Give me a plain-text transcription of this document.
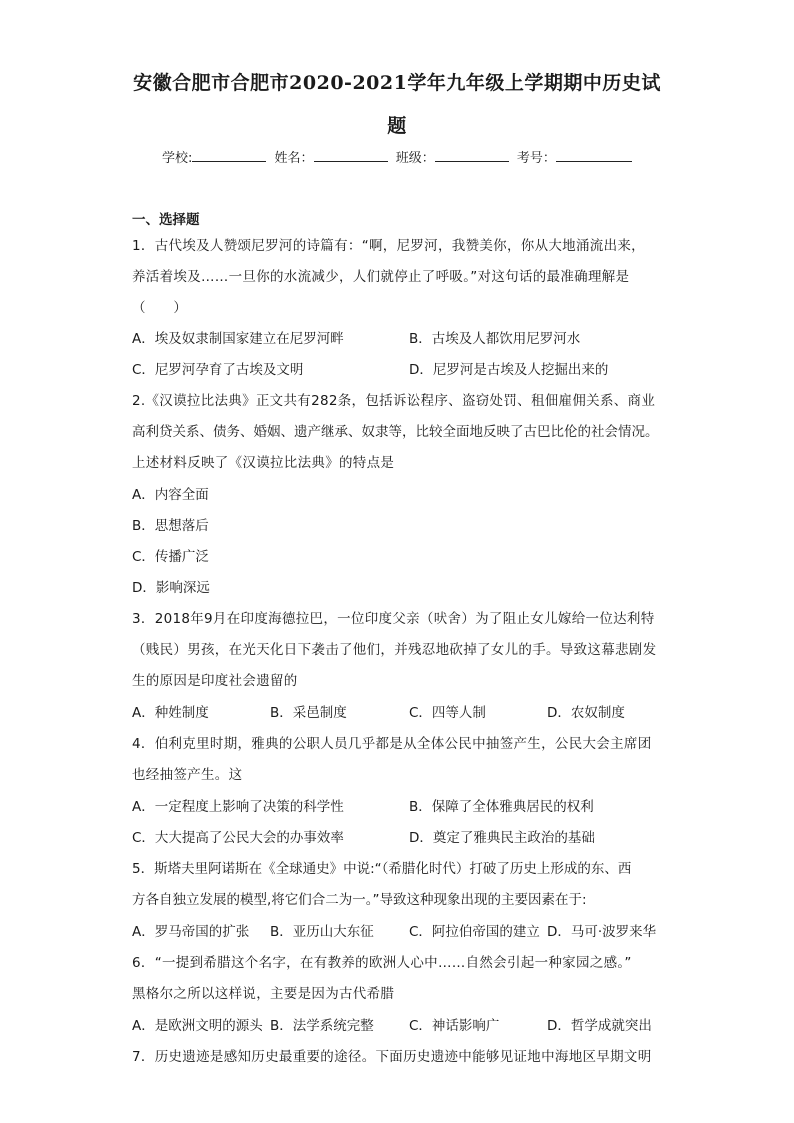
安徽合肥市合肥市2020-2021学年九年级上学期期中历史试
题
学校:	姓名：	班级：	考号：
一、选择题
1．古代埃及人赞颂尼罗河的诗篇有：“啊，尼罗河，我赞美你，你从大地涌流出来，
养活着埃及……一旦你的水流减少，人们就停止了呼吸。”对这句话的最准确理解是
（　　）
A．埃及奴隶制国家建立在尼罗河畔	B．古埃及人都饮用尼罗河水
C．尼罗河孕育了古埃及文明	D．尼罗河是古埃及人挖掘出来的
2.《汉谟拉比法典》正文共有282条，包括诉讼程序、盗窃处罚、租佃雇佣关系、商业
高利贷关系、债务、婚姻、遗产继承、奴隶等，比较全面地反映了古巴比伦的社会情况。
上述材料反映了《汉谟拉比法典》的特点是
A．内容全面
B．思想落后
C．传播广泛
D．影响深远
3．2018年9月在印度海德拉巴，一位印度父亲（吠舍）为了阻止女儿嫁给一位达利特
（贱民）男孩，在光天化日下袭击了他们，并残忍地砍掉了女儿的手。导致这幕悲剧发
生的原因是印度社会遗留的
A．种姓制度	B．采邑制度	C．四等人制	D．农奴制度
4．伯利克里时期，雅典的公职人员几乎都是从全体公民中抽签产生，公民大会主席团
也经抽签产生。这
A．一定程度上影响了决策的科学性	B．保障了全体雅典居民的权利
C．大大提高了公民大会的办事效率	D．奠定了雅典民主政治的基础
5．斯塔夫里阿诺斯在《全球通史》中说:“（希腊化时代）打破了历史上形成的东、西
方各自独立发展的模型,将它们合二为一。”导致这种现象出现的主要因素在于:
A．罗马帝国的扩张 B．亚历山大东征	C．阿拉伯帝国的建立 D．马可·波罗来华
6．“一提到希腊这个名字，在有教养的欧洲人心中……自然会引起一种家园之感。”
黑格尔之所以这样说，主要是因为古代希腊
A．是欧洲文明的源头 B．法学系统完整	C．神话影响广	D．哲学成就突出
7．历史遗迹是感知历史最重要的途径。下面历史遗迹中能够见证地中海地区早期文明
